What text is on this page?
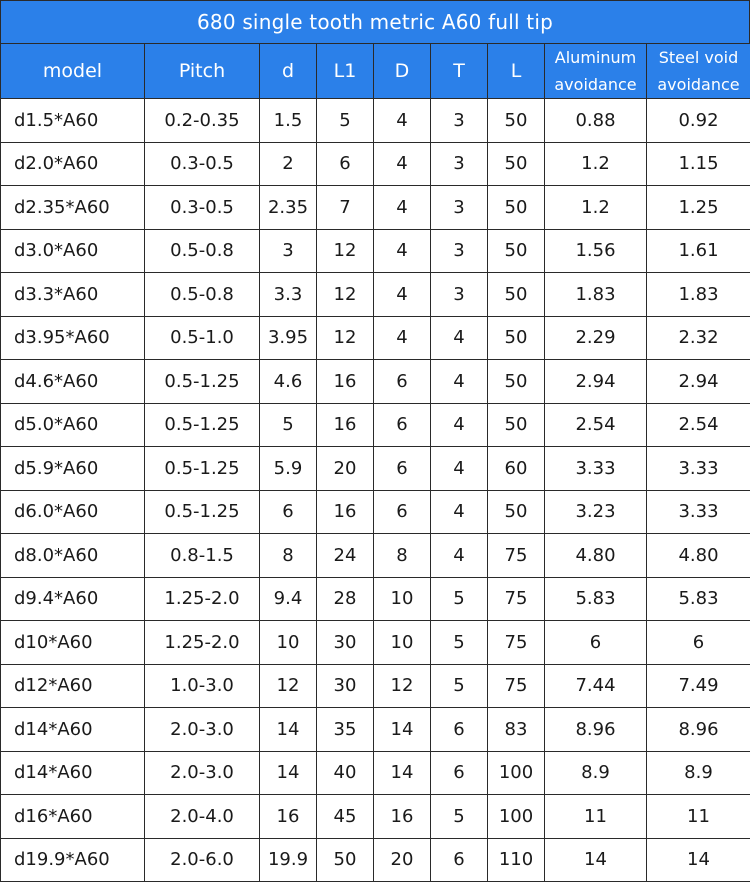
680 single tooth metric A60 full tip
model	Pitch	d	L1	D	T	L	Aluminum avoidance	Steel void avoidance
d1.5*A60	0.2-0.35	1.5	5	4	3	50	0.88	0.92
d2.0*A60	0.3-0.5	2	6	4	3	50	1.2	1.15
d2.35*A60	0.3-0.5	2.35	7	4	3	50	1.2	1.25
d3.0*A60	0.5-0.8	3	12	4	3	50	1.56	1.61
d3.3*A60	0.5-0.8	3.3	12	4	3	50	1.83	1.83
d3.95*A60	0.5-1.0	3.95	12	4	4	50	2.29	2.32
d4.6*A60	0.5-1.25	4.6	16	6	4	50	2.94	2.94
d5.0*A60	0.5-1.25	5	16	6	4	50	2.54	2.54
d5.9*A60	0.5-1.25	5.9	20	6	4	60	3.33	3.33
d6.0*A60	0.5-1.25	6	16	6	4	50	3.23	3.33
d8.0*A60	0.8-1.5	8	24	8	4	75	4.80	4.80
d9.4*A60	1.25-2.0	9.4	28	10	5	75	5.83	5.83
d10*A60	1.25-2.0	10	30	10	5	75	6	6
d12*A60	1.0-3.0	12	30	12	5	75	7.44	7.49
d14*A60	2.0-3.0	14	35	14	6	83	8.96	8.96
d14*A60	2.0-3.0	14	40	14	6	100	8.9	8.9
d16*A60	2.0-4.0	16	45	16	5	100	11	11
d19.9*A60	2.0-6.0	19.9	50	20	6	110	14	14
